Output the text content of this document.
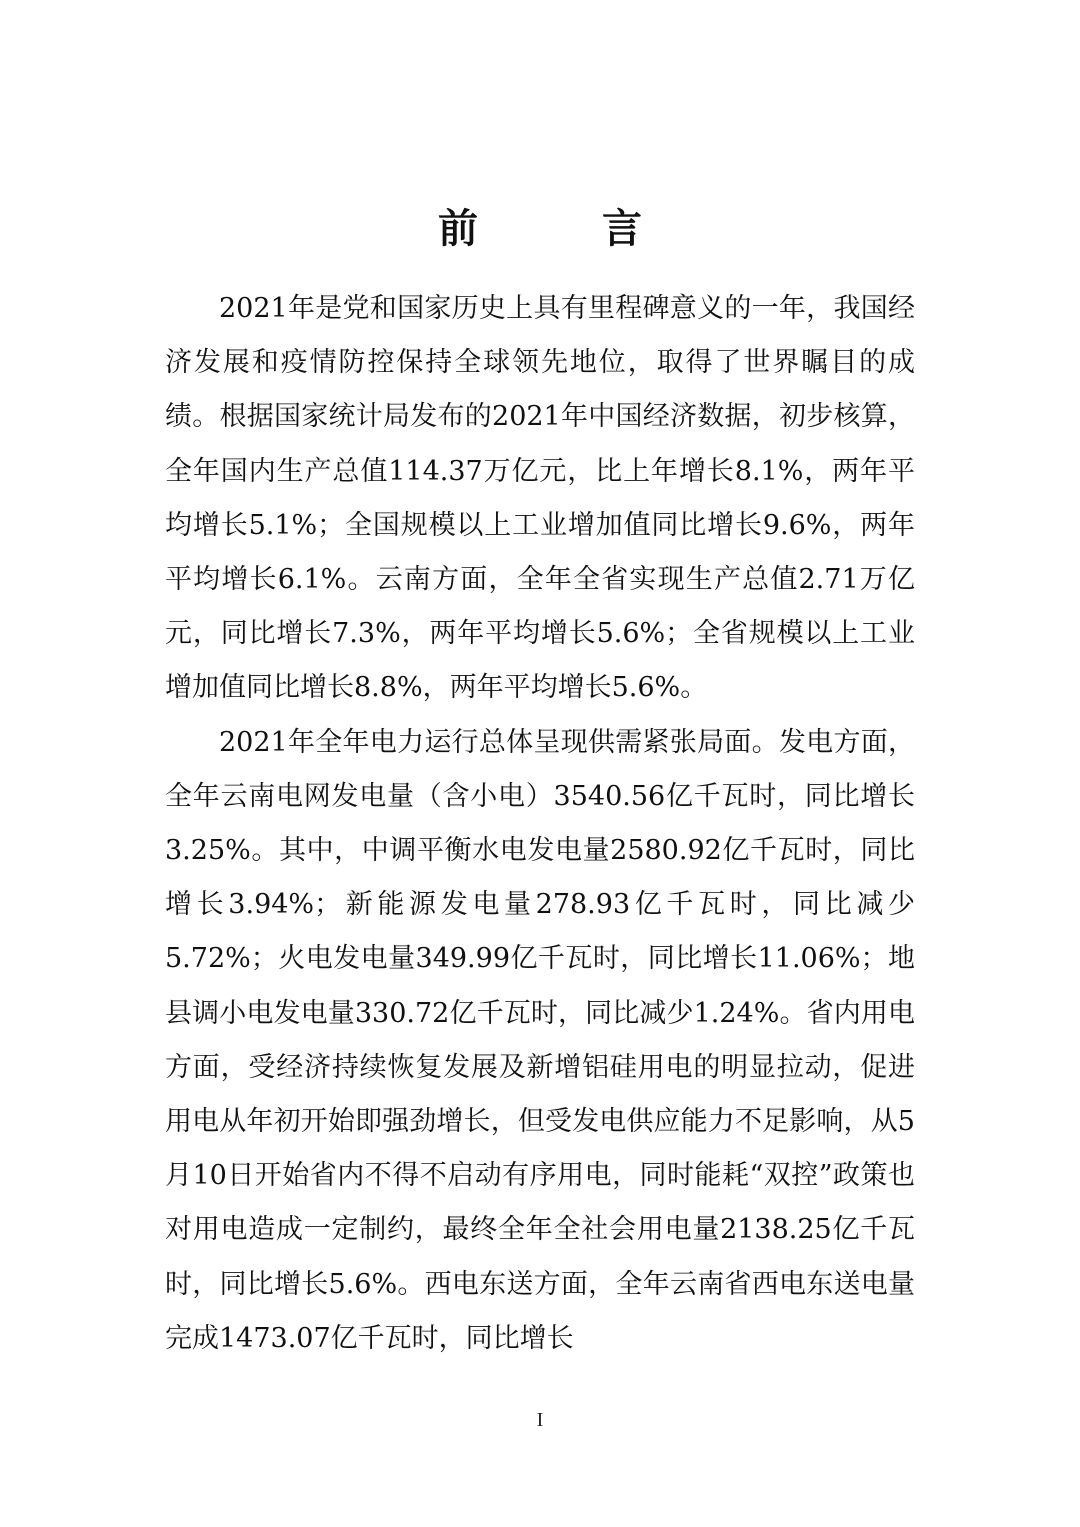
前　言

2021年是党和国家历史上具有里程碑意义的一年，我国经济发展和疫情防控保持全球领先地位，取得了世界瞩目的成绩。根据国家统计局发布的2021年中国经济数据，初步核算，全年国内生产总值114.37万亿元，比上年增长8.1%，两年平均增长5.1%；全国规模以上工业增加值同比增长9.6%，两年平均增长6.1%。云南方面，全年全省实现生产总值2.71万亿元，同比增长7.3%，两年平均增长5.6%；全省规模以上工业增加值同比增长8.8%，两年平均增长5.6%。

2021年全年电力运行总体呈现供需紧张局面。发电方面，全年云南电网发电量（含小电）3540.56亿千瓦时，同比增长3.25%。其中，中调平衡水电发电量2580.92亿千瓦时，同比增长3.94%；新能源发电量278.93亿千瓦时，同比减少5.72%；火电发电量349.99亿千瓦时，同比增长11.06%；地县调小电发电量330.72亿千瓦时，同比减少1.24%。省内用电方面，受经济持续恢复发展及新增铝硅用电的明显拉动，促进用电从年初开始即强劲增长，但受发电供应能力不足影响，从5月10日开始省内不得不启动有序用电，同时能耗“双控”政策也对用电造成一定制约，最终全年全社会用电量2138.25亿千瓦时，同比增长5.6%。西电东送方面，全年云南省西电东送电量完成1473.07亿千瓦时，同比增长

I
